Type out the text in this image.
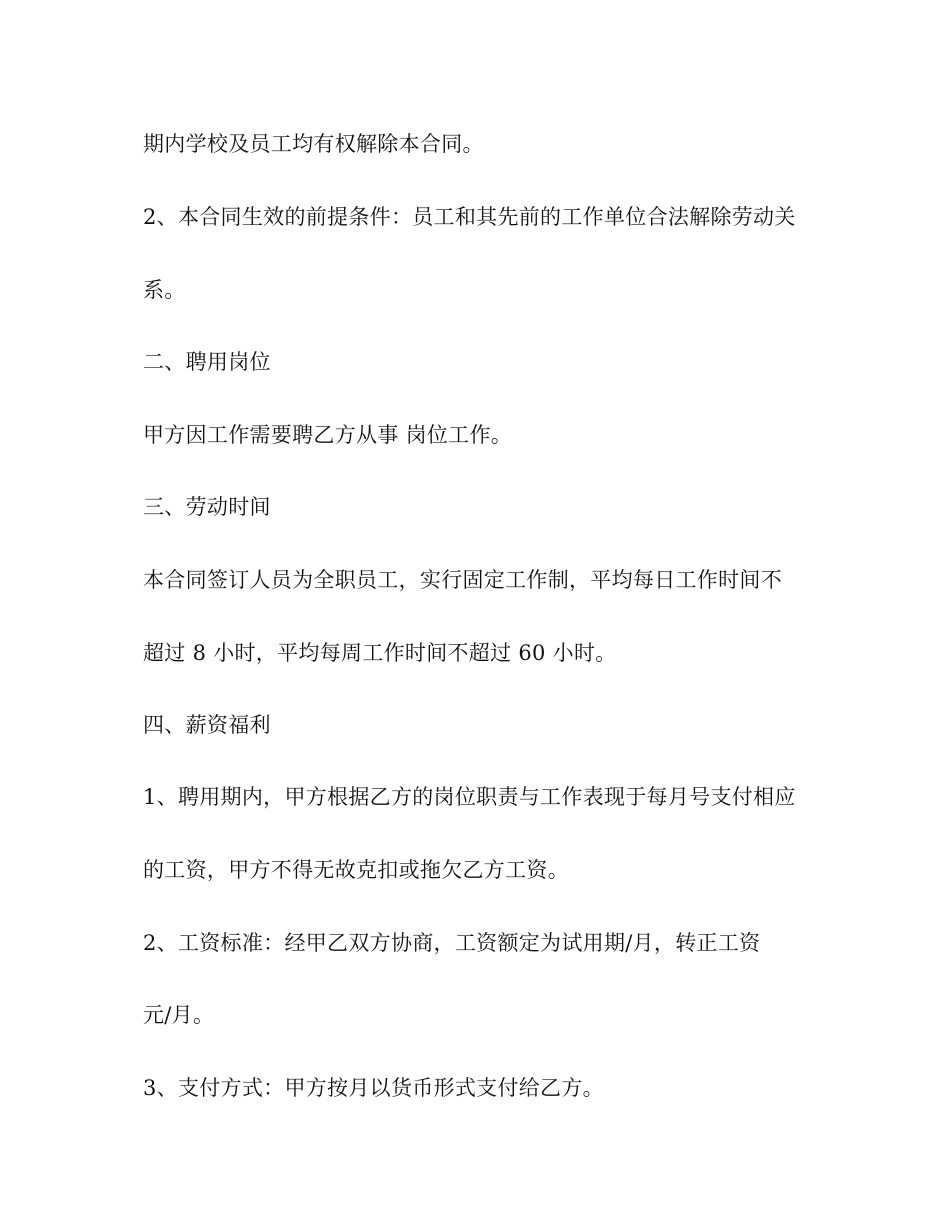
期内学校及员工均有权解除本合同。

2、本合同生效的前提条件：员工和其先前的工作单位合法解除劳动关

系。

二、聘用岗位

甲方因工作需要聘乙方从事 岗位工作。

三、劳动时间

本合同签订人员为全职员工，实行固定工作制，平均每日工作时间不

超过 8 小时，平均每周工作时间不超过 60 小时。

四、薪资福利

1、聘用期内，甲方根据乙方的岗位职责与工作表现于每月号支付相应

的工资，甲方不得无故克扣或拖欠乙方工资。

2、工资标准：经甲乙双方协商，工资额定为试用期/月，转正工资

元/月。

3、支付方式：甲方按月以货币形式支付给乙方。
